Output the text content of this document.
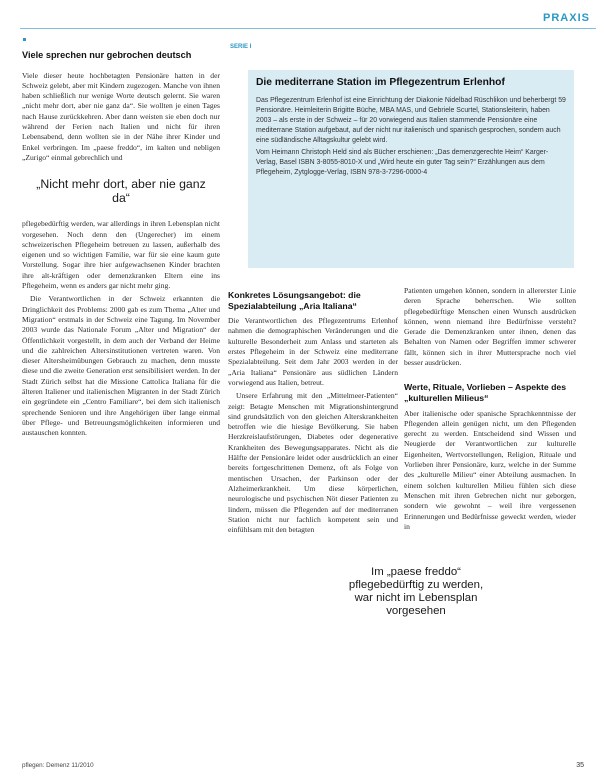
PRAXIS
SERIE I
Viele sprechen nur gebrochen deutsch

Viele dieser heute hochbetagten Pensionäre hatten in der Schweiz gelebt, aber mit Kindern zugezogen. Manche von ihnen haben schließlich nur wenige Worte deutsch gelernt. Sie waren „nicht mehr dort, aber nie ganz da“. Sie wollten je einen Tages nach Hause zurückkehren. Aber dann weisten sie eben doch nur während der Ferien nach Italien und nicht für ihren Lebensabend, denn wollten sie in der Nähe ihrer Kinder und Enkel verbringen. Im „paese freddo“, im kalten und nebligen „Zurigo“ einmal gebrechlich und

„Nicht mehr dort, aber nie ganz da“

pflegebedürftig werden, war allerdings in ihren Lebensplan nicht vorgesehen. Noch denn den (Ungerecher) im einem schweizerischen Pflegeheim betreuen zu lassen, außerhalb des eigenen und so wichtigen Familie, war für sie eine kaum gute Vorstellung. Sogar ihre hier aufgewachsenen Kinder brachten ihre alt-kräftigen oder demenzkranken Eltern eine ins Pflegeheim, wenn es anders gar nicht mehr ging.

Die Verantwortlichen in der Schweiz erkannten die Dringlichkeit des Problems: 2000 gab es zum Thema „Alter und Migration“ erstmals in der Schweiz eine Tagung. Im November 2003 wurde das Nationale Forum „Alter und Migration“ der Öffentlichkeit vorgestellt, in dem auch der Verband der Heime und die zahlreichen Altersinstitutionen vertreten waren. Von dieser Altersheimübungen Gebrauch zu machen, denn musste diese und die zweite Generation erst sensibilisiert werden. In der Stadt Zürich selbst hat die Missione Cattolica Italiana für die älteren Italiener und italienischen Migranten in der Stadt Zürich ein gegründete ein „Centro Familiare“, bei dem sich italienisch sprechende Senioren und ihre Angehörigen über lange einmal über Pflege- und Betreuungsmöglichkeiten informieren und austauschen konnten.

Die mediterrane Station im Pflegezentrum Erlenhof

Das Pflegezentrum Erlenhof ist eine Einrichtung der Diakonie Nidelbad Rüschlikon und beherbergt 59 Pensionäre. Heimleiterin Brigitte Büche, MBA MAS, und Gebriele Scurtel, Stationsleiterin, haben 2003 – als erste in der Schweiz – für 20 vorwiegend aus Italien stammende Pensionäre eine mediterrane Station aufgebaut, auf der nicht nur italienisch und spanisch gesprochen, sondern auch eine südländische Alltagskultur gelebt wird.

Vom Heimann Christoph Held sind als Bücher erschienen: „Das demenzgerechte Heim“ Karger-Verlag, Basel ISBN 3-8055-8010-X und „Wird heute ein guter Tag sein?“ Erzählungen aus dem Pflegeheim, Zytglogge-Verlag, ISBN 978-3-7296-0000-4

Konkretes Lösungsangebot: die Spezialabteilung „Aria Italiana“

Die Verantwortlichen des Pflegezentrums Erlenhof nahmen die demographischen Veränderungen und die kulturelle Besonderheit zum Anlass und starteten als erstes Pflegeheim in der Schweiz eine mediterrane Spezialabteilung. Seit dem Jahr 2003 werden in der „Aria Italiana“ Pensionäre aus südlichen Ländern vorwiegend aus Italien, betreut.

Unsere Erfahrung mit den „Mittelmeer-Patienten“ zeigt: Betagte Menschen mit Migrationshintergrund sind grundsätzlich von den gleichen Alterskrankheiten betroffen wie die hiesige Bevölkerung. Sie haben Herzkreislaufstörungen, Diabetes oder degenerative Krankheiten des Bewegungsapparates. Nicht als die Hälfte der Pensionäre leidet oder ausdrücklich an einer bereits fortgeschrittenen Demenz, oft als Folge von mentischen Ursachen, der Parkinson oder der Alzheimerkrankheit. Um diese körperlichen, neurologische und psychischen Nöt dieser Patienten zu lindern, müssen die Pflegenden auf der mediterranen Station nicht nur fachlich kompetent sein und einfühlsam mit den betagten

Patienten umgehen können, sondern in allererster Linie deren Sprache beherrschen. Wie sollten pflegebedürftige Menschen einen Wunsch ausdrücken können, wenn niemand ihre Bedürfnisse versteht? Gerade die Demenzkranken unter ihnen, denen das Behalten von Namen oder Begriffen immer schwerer fällt, können sich in ihrer Muttersprache noch viel besser ausdrücken.

Werte, Rituale, Vorlieben – Aspekte des „kulturellen Milieus“

Aber italienische oder spanische Sprachkenntnisse der Pflegenden allein genügen nicht, um den Pflegenden gerecht zu werden. Entscheidend sind Wissen und Neugierde der Verantwortlichen zur kulturelle Eigenheiten, Wertvorstellungen, Religion, Rituale und Vorlieben ihrer Pensionäre, kurz, welche in der Summe des „kulturelle Milieu“ einer Abteilung ausmachen. In einem solchen kulturellen Milieu fühlen sich diese Menschen mit ihren Gebrechen nicht nur geborgen, sondern wie gewohnt – weil ihre vergessenen Erinnerungen und Bedürfnisse geweckt werden, wieder in

Im „paese freddo“ pflegebedürftig zu werden, war nicht im Lebensplan vorgesehen
pflegen: Demenz 11/2010	35
